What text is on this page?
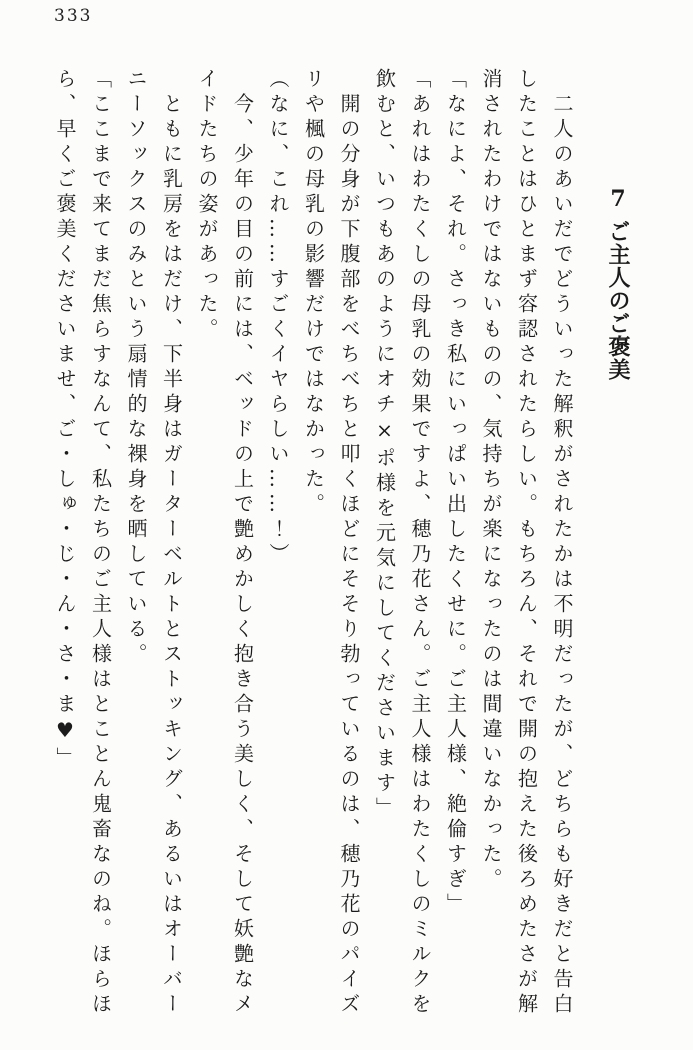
333
7ご主人のご褒美

二人のあいだでどういった解釈がされたかは不明だったが、どちらも好きだと告白

したことはひとまず容認されたらしい。もちろん、それで開の抱えた後ろめたさが解

消されたわけではないものの、気持ちが楽になったのは間違いなかった。

「なによ、それ。さっき私にいっぱい出したくせに。ご主人様、絶倫すぎ」

「あれはわたくしの母乳の効果ですよ、穂乃花さん。ご主人様はわたくしのミルクを

飲むと、いつもあのようにオチ×ポ様を元気にしてくださいます」

開の分身が下腹部をべちべちと叩くほどにそそり勃っているのは、穂乃花のパイズ

リや楓の母乳の影響だけではなかった。

（なに、これ……すごくイヤらしい……！）

今、少年の目の前には、ベッドの上で艶めかしく抱き合う美しく、そして妖艶なメ

イドたちの姿があった。

ともに乳房をはだけ、下半身はガーターベルトとストッキング、あるいはオーバー

ニーソックスのみという扇情的な裸身を晒している。

「ここまで来てまだ焦らすなんて、私たちのご主人様はとことん鬼畜なのね。ほらほ

ら、早くご褒美くださいませ、ご・しゅ・じ・ん・さ・ま♥」
